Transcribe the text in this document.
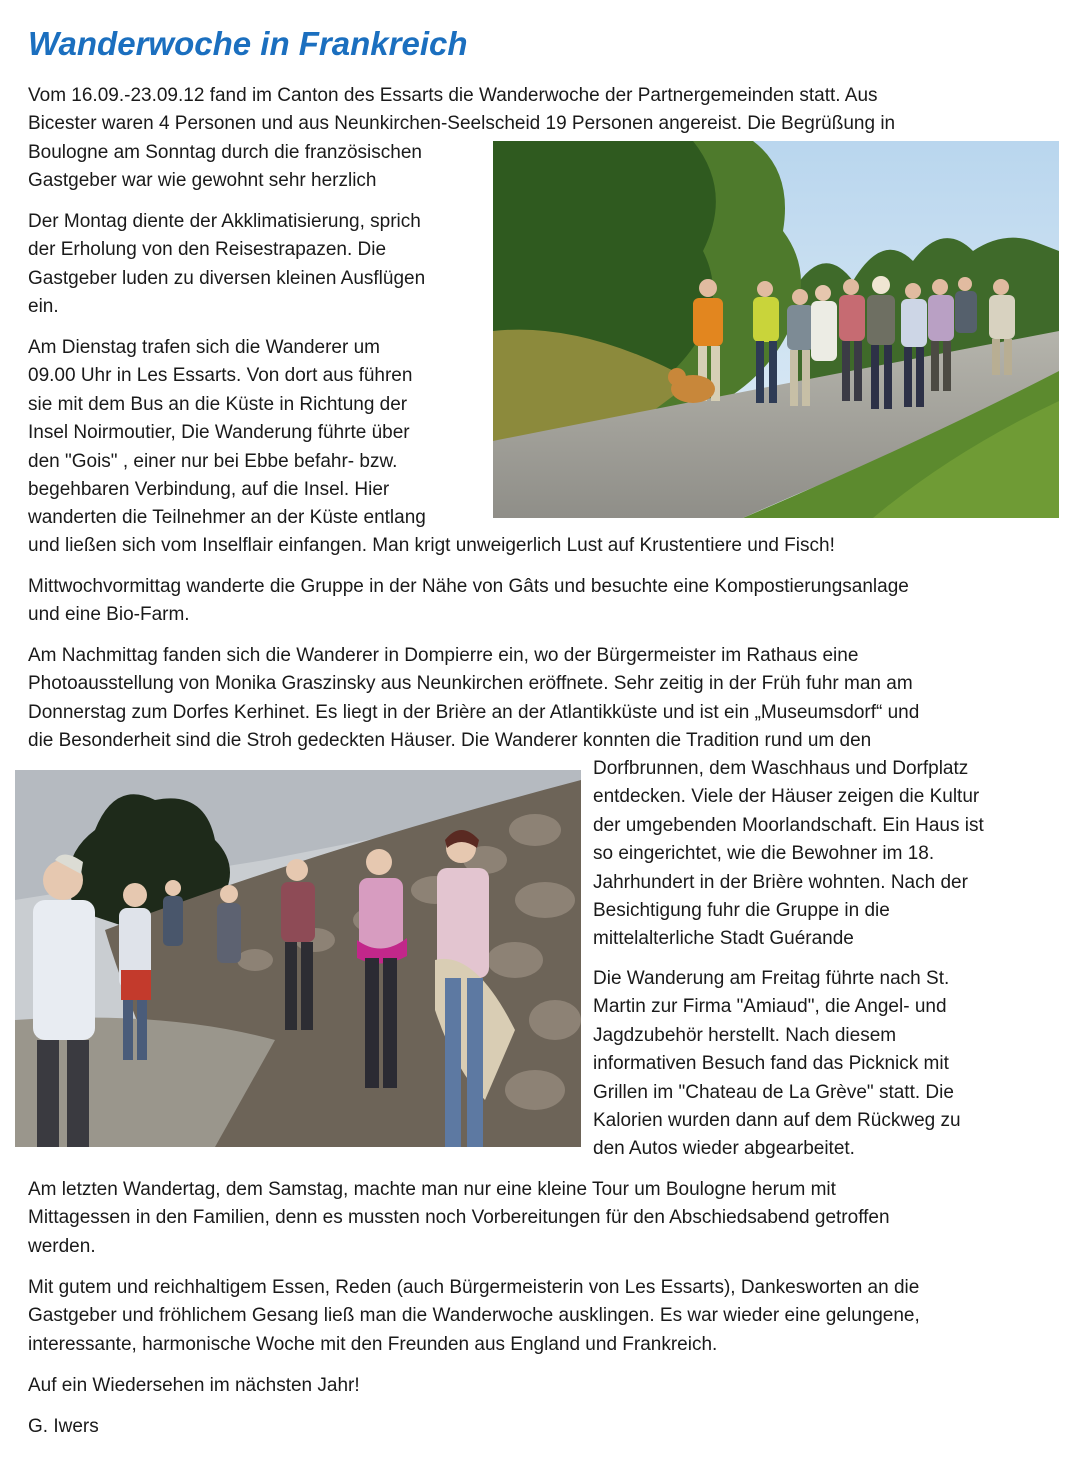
Wanderwoche in Frankreich

Vom 16.09.-23.09.12 fand im Canton des Essarts die Wanderwoche der Partnergemeinden statt. Aus
Bicester waren 4 Personen und aus Neunkirchen-Seelscheid 19 Personen angereist. Die Begrüßung in

Boulogne am Sonntag durch die französischen
Gastgeber war wie gewohnt sehr herzlich

Der Montag diente der Akklimatisierung, sprich
der Erholung von den Reisestrapazen. Die
Gastgeber luden zu diversen kleinen Ausflügen
ein.

Am Dienstag trafen sich die Wanderer um
09.00 Uhr in Les Essarts. Von dort aus führen
sie mit dem Bus an die Küste in Richtung der
Insel Noirmoutier, Die Wanderung führte über
den "Gois" , einer nur bei Ebbe befahr- bzw.
begehbaren Verbindung, auf die Insel. Hier
wanderten die Teilnehmer an der Küste entlang

und ließen sich vom Inselflair einfangen. Man krigt unweigerlich Lust auf Krustentiere und Fisch!

Mittwochvormittag wanderte die Gruppe in der Nähe von Gâts und besuchte eine Kompostierungsanlage
und eine Bio-Farm.

Am Nachmittag fanden sich die Wanderer in Dompierre ein, wo der Bürgermeister im Rathaus eine
Photoausstellung von Monika Graszinsky aus Neunkirchen eröffnete. Sehr zeitig in der Früh fuhr man am
Donnerstag zum Dorfes Kerhinet. Es liegt in der Brière an der Atlantikküste und ist ein „Museumsdorf“ und
die Besonderheit sind die Stroh gedeckten Häuser. Die Wanderer konnten die Tradition rund um den

Dorfbrunnen, dem Waschhaus und Dorfplatz
entdecken. Viele der Häuser zeigen die Kultur
der umgebenden Moorlandschaft. Ein Haus ist
so eingerichtet, wie die Bewohner im 18.
Jahrhundert in der Brière wohnten. Nach der
Besichtigung fuhr die Gruppe in die
mittelalterliche Stadt Guérande

Die Wanderung am Freitag führte nach St.
Martin zur Firma "Amiaud", die Angel- und
Jagdzubehör herstellt. Nach diesem
informativen Besuch fand das Picknick mit
Grillen im "Chateau de La Grève" statt. Die
Kalorien wurden dann auf dem Rückweg zu
den Autos wieder abgearbeitet.

Am letzten Wandertag, dem Samstag, machte man nur eine kleine Tour um Boulogne herum mit
Mittagessen in den Familien, denn es mussten noch Vorbereitungen für den Abschiedsabend getroffen
werden.

Mit gutem und reichhaltigem Essen, Reden (auch Bürgermeisterin von Les Essarts), Dankesworten an die
Gastgeber und fröhlichem Gesang ließ man die Wanderwoche ausklingen. Es war wieder eine gelungene,
interessante, harmonische Woche mit den Freunden aus England und Frankreich.

Auf ein Wiedersehen im nächsten Jahr!

G. Iwers
